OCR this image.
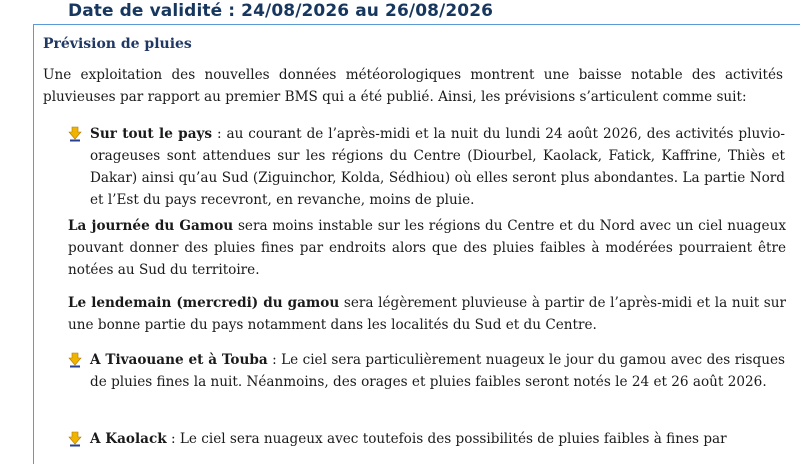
Date de validité : 24/08/2026 au 26/08/2026
Prévision de pluies
Une exploitation des nouvelles données météorologiques montrent une baisse notable des activités pluvieuses par rapport au premier BMS qui a été publié. Ainsi, les prévisions s’articulent comme suit:
Sur tout le pays : au courant de l’après-midi et la nuit du lundi 24 août 2026, des activités pluvio-orageuses sont attendues sur les régions du Centre (Diourbel, Kaolack, Fatick, Kaffrine, Thiès et Dakar) ainsi qu’au Sud (Ziguinchor, Kolda, Sédhiou) où elles seront plus abondantes. La partie Nord et l’Est du pays recevront, en revanche, moins de pluie.
La journée du Gamou sera moins instable sur les régions du Centre et du Nord avec un ciel nuageux pouvant donner des pluies fines par endroits alors que des pluies faibles à modérées pourraient être notées au Sud du territoire.
Le lendemain (mercredi) du gamou sera légèrement pluvieuse à partir de l’après-midi et la nuit sur une bonne partie du pays notamment dans les localités du Sud et du Centre.
A Tivaouane et à Touba : Le ciel sera particulièrement nuageux le jour du gamou avec des risques de pluies fines la nuit. Néanmoins, des orages et pluies faibles seront notés le 24 et 26 août 2026.
A Kaolack : Le ciel sera nuageux avec toutefois des possibilités de pluies faibles à fines par
